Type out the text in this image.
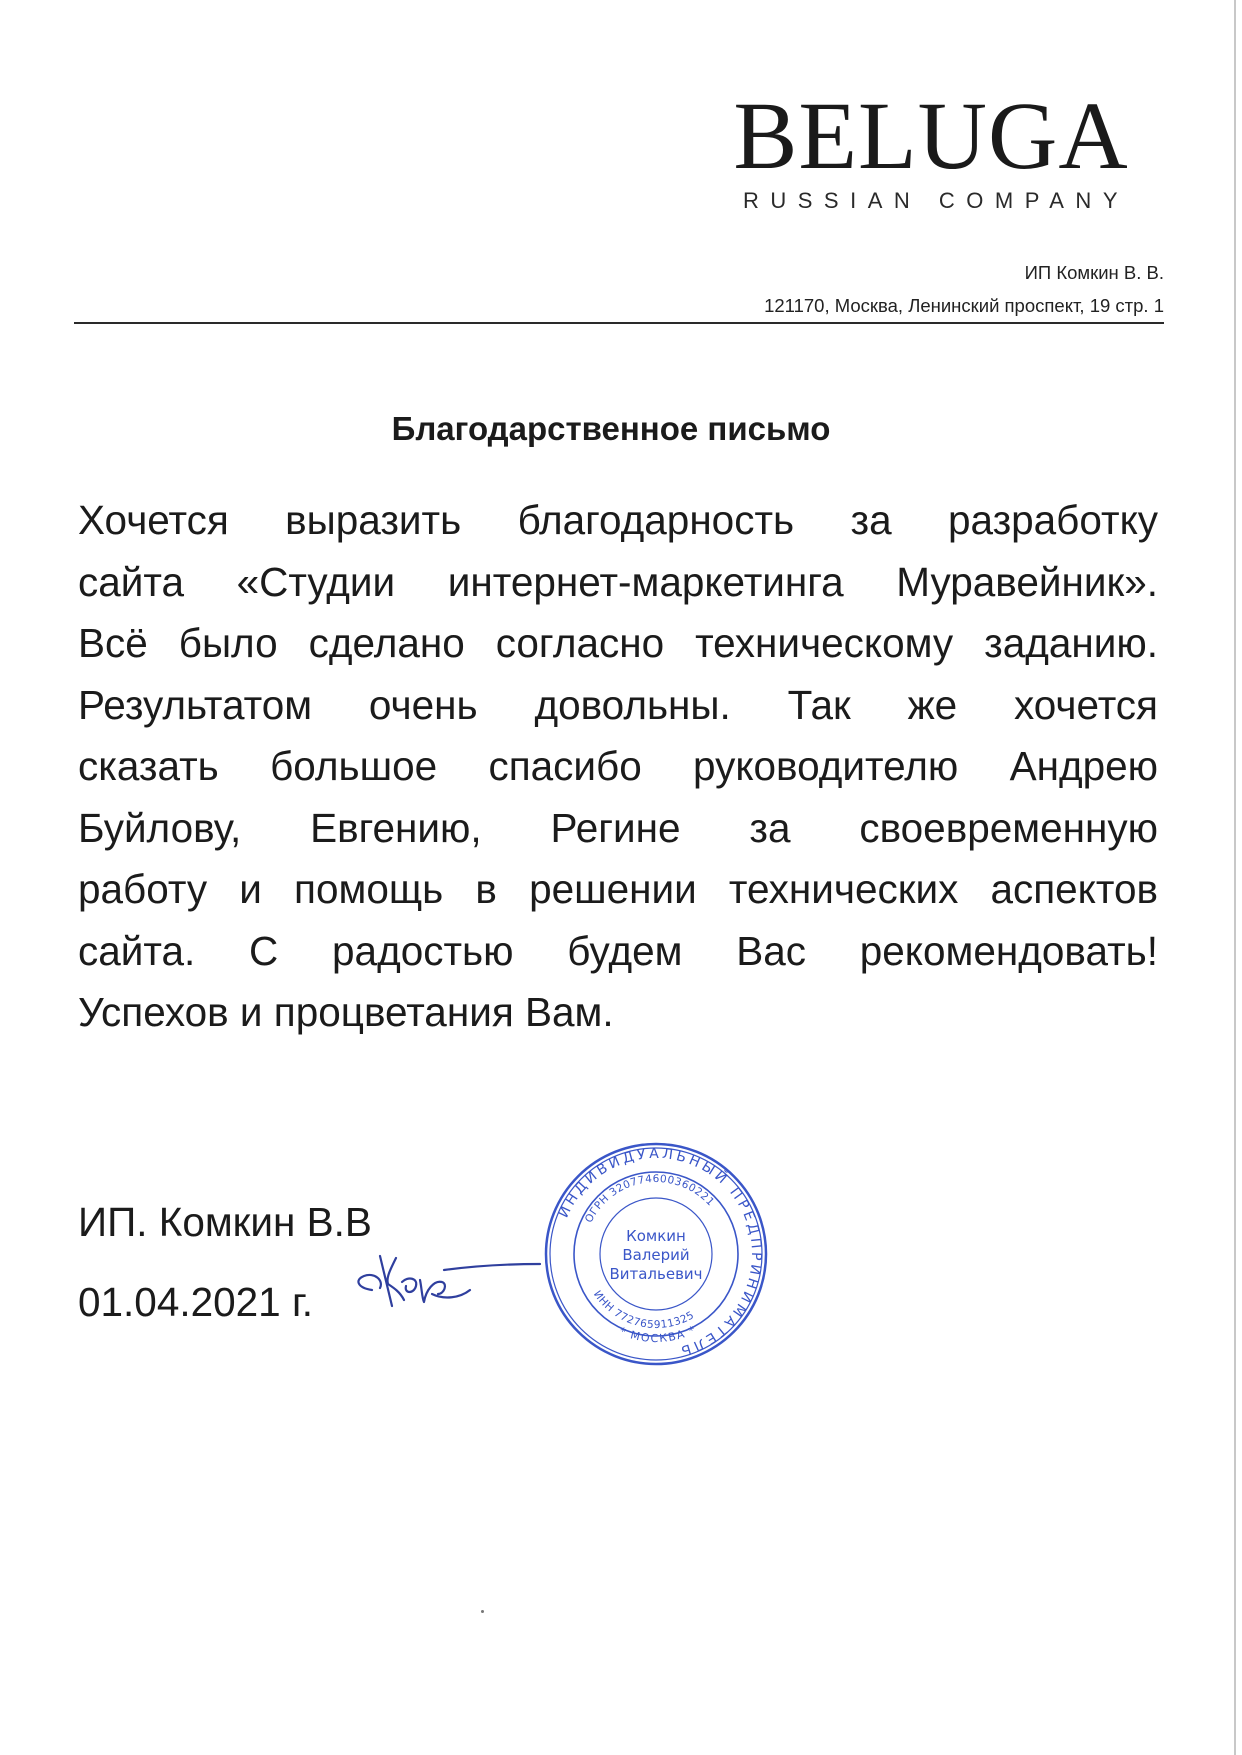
BELUGA
RUSSIAN COMPANY
ИП Комкин В. В.
121170, Москва, Ленинский проспект, 19 стр. 1
Благодарственное письмо

Хочется выразить благодарность за разработку
сайта «Студии интернет-маркетинга Муравейник».
Всё было сделано согласно техническому заданию.
Результатом очень довольны. Так же хочется
сказать большое спасибо руководителю Андрею
Буйлову, Евгению, Регине за своевременную
работу и помощь в решении технических аспектов
сайта. С радостью будем Вас рекомендовать!
Успехов и процветания Вам.

ИП. Комкин В.В
01.04.2021 г.
ИНДИВИДУАЛЬНЫЙ ПРЕДПРИНИМАТЕЛЬ
ОГРН 320774600360221
ИНН 772765911325
* МОСКВА *
Комкин
Валерий
Витальевич
